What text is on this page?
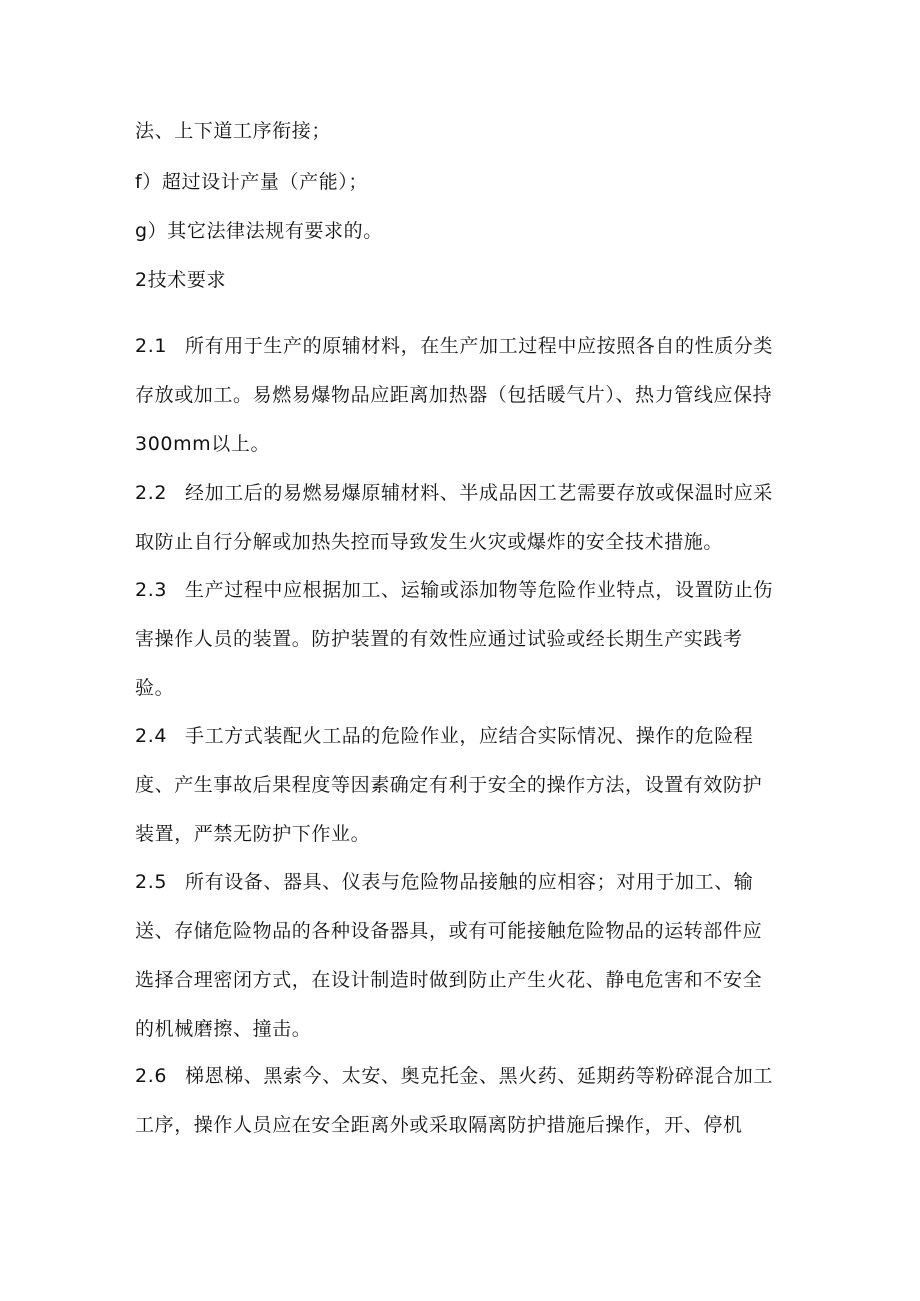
法、上下道工序衔接；
f）超过设计产量（产能）；
g）其它法律法规有要求的。
2技术要求
2.1 所有用于生产的原辅材料，在生产加工过程中应按照各自的性质分类存放或加工。易燃易爆物品应距离加热器（包括暖气片）、热力管线应保持300mm以上。
2.2 经加工后的易燃易爆原辅材料、半成品因工艺需要存放或保温时应采取防止自行分解或加热失控而导致发生火灾或爆炸的安全技术措施。
2.3 生产过程中应根据加工、运输或添加物等危险作业特点，设置防止伤害操作人员的装置。防护装置的有效性应通过试验或经长期生产实践考验。
2.4 手工方式装配火工品的危险作业，应结合实际情况、操作的危险程度、产生事故后果程度等因素确定有利于安全的操作方法，设置有效防护装置，严禁无防护下作业。
2.5 所有设备、器具、仪表与危险物品接触的应相容；对用于加工、输送、存储危险物品的各种设备器具，或有可能接触危险物品的运转部件应选择合理密闭方式，在设计制造时做到防止产生火花、静电危害和不安全的机械磨擦、撞击。
2.6 梯恩梯、黑索今、太安、奥克托金、黑火药、延期药等粉碎混合加工工序，操作人员应在安全距离外或采取隔离防护措施后操作，开、停机
